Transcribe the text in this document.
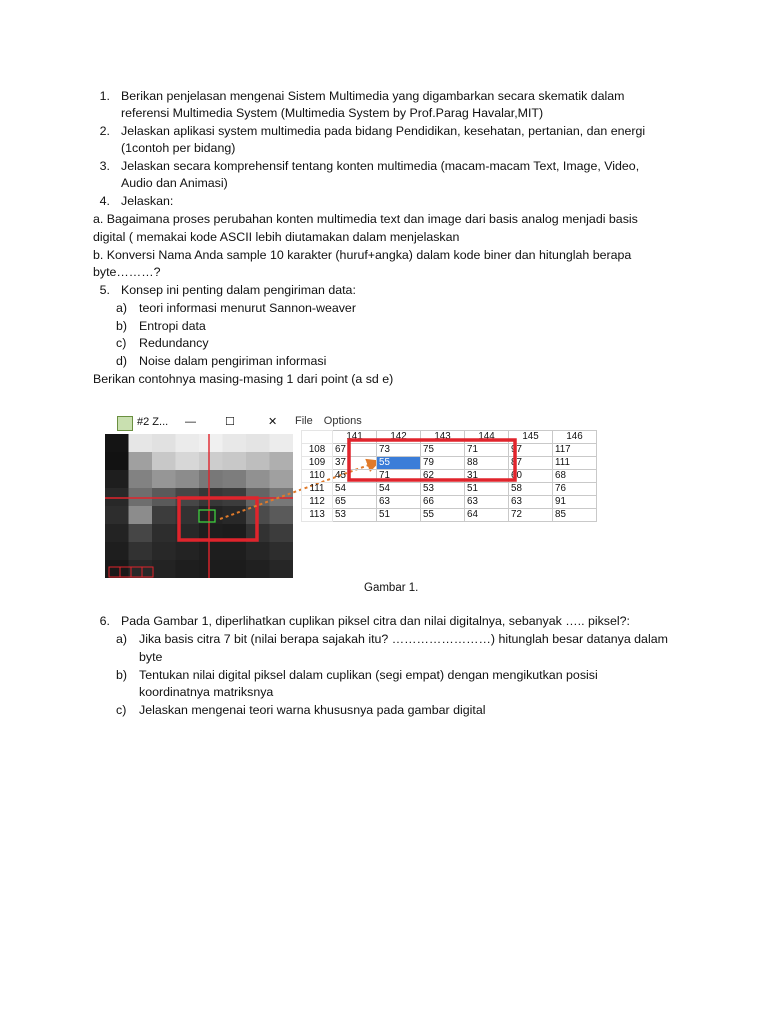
1. Berikan penjelasan mengenai Sistem Multimedia yang digambarkan secara skematik dalam
referensi Multimedia System (Multimedia System by Prof.Parag Havalar,MIT)
2. Jelaskan aplikasi system multimedia pada bidang Pendidikan, kesehatan, pertanian, dan energi
(1contoh per bidang)
3. Jelaskan secara komprehensif tentang konten multimedia (macam-macam Text, Image, Video,
Audio dan Animasi)
4. Jelaskan:
a. Bagaimana proses perubahan konten multimedia text dan image dari basis analog menjadi basis
digital ( memakai kode ASCII lebih diutamakan dalam menjelaskan
b. Konversi Nama Anda sample 10 karakter (huruf+angka) dalam kode biner dan hitunglah berapa
byte………?
5. Konsep ini penting dalam pengiriman data:
a) teori informasi menurut Sannon-weaver
b) Entropi data
c) Redundancy
d) Noise dalam pengiriman informasi
Berikan contohnya masing-masing 1 dari point (a sd e)
#2 Z... —	☐	✕ File Options
	141	142	143	144	145	146
108	67	73	75	71	97	117
109	37	55	79	88	87	111
110	45	71	62	31	60	68
111	54	54	53	51	58	76
112	65	63	66	63	63	91
113	53	51	55	64	72	85
Gambar 1.
6. Pada Gambar 1, diperlihatkan cuplikan piksel citra dan nilai digitalnya, sebanyak ….. piksel?:
a) Jika basis citra 7 bit (nilai berapa sajakah itu? ……………………) hitunglah besar datanya dalam
byte
b) Tentukan nilai digital piksel dalam cuplikan (segi empat) dengan mengikutkan posisi
koordinatnya matriksnya
c) Jelaskan mengenai teori warna khususnya pada gambar digital
